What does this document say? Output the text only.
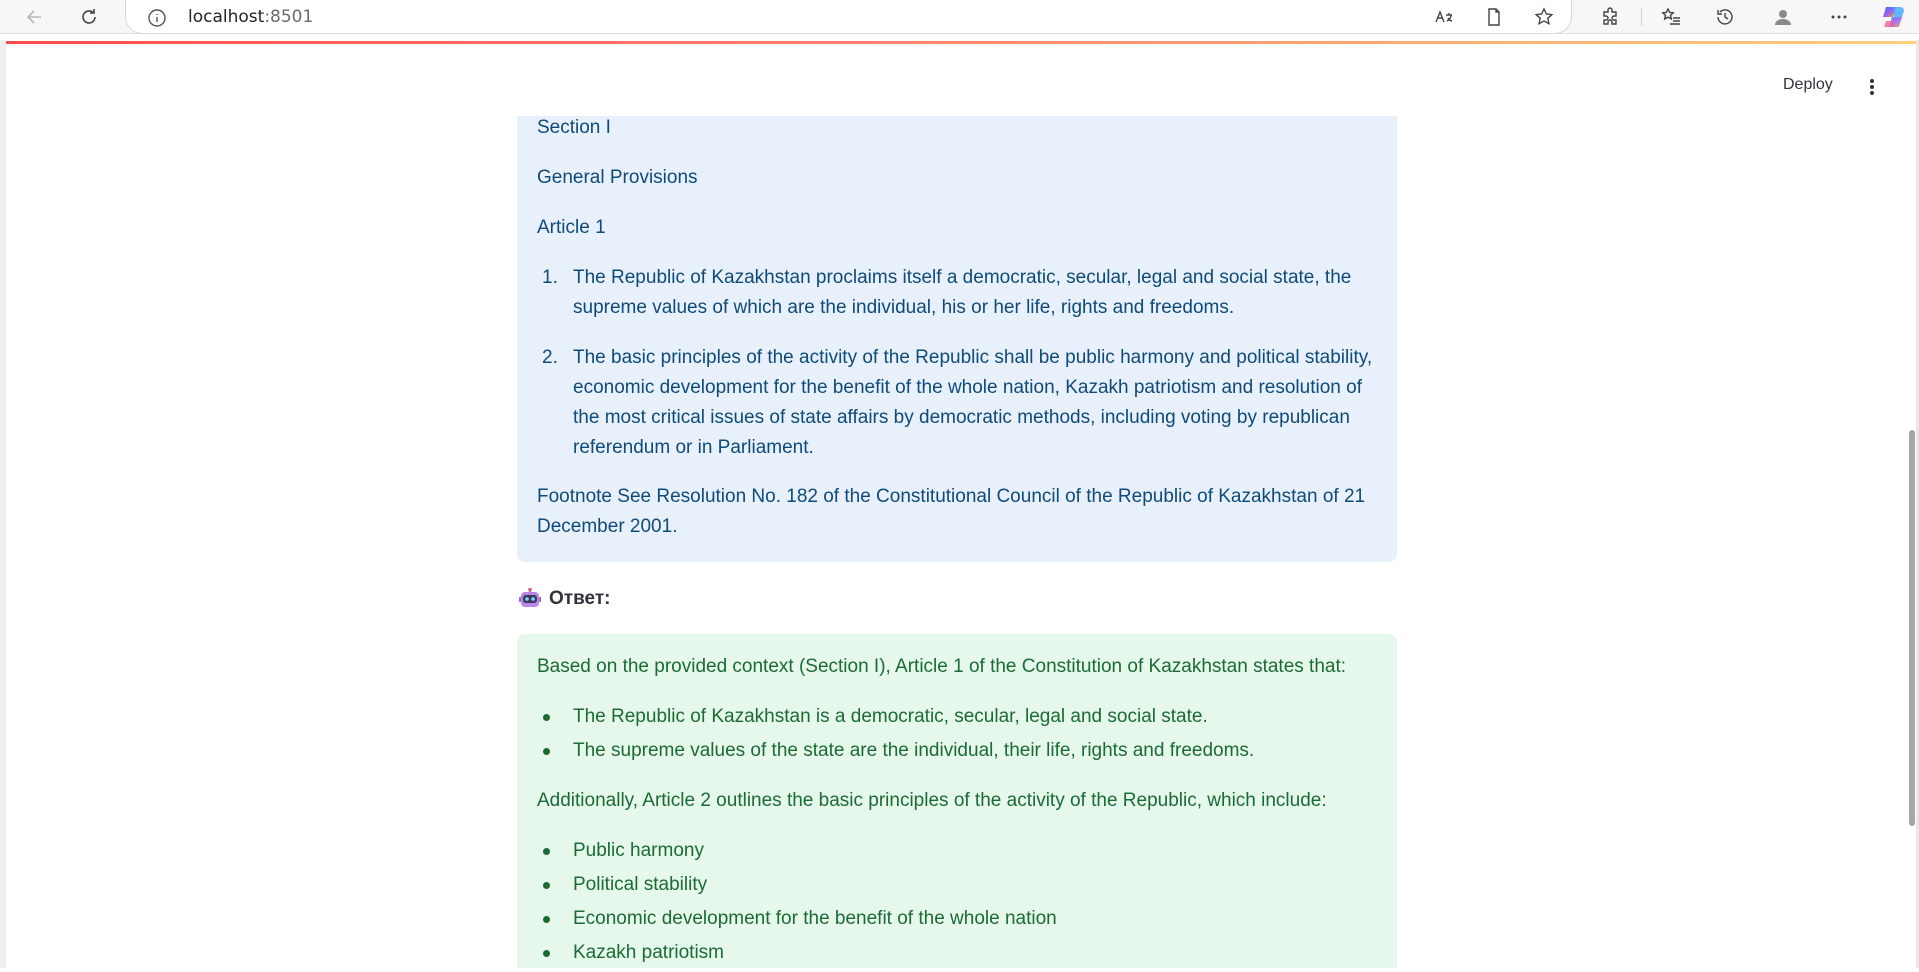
localhost:8501
Deploy

Section I

General Provisions

Article 1

1. The Republic of Kazakhstan proclaims itself a democratic, secular, legal and social state, the supreme values of which are the individual, his or her life, rights and freedoms.
2. The basic principles of the activity of the Republic shall be public harmony and political stability, economic development for the benefit of the whole nation, Kazakh patriotism and resolution of the most critical issues of state affairs by democratic methods, including voting by republican referendum or in Parliament.

Footnote See Resolution No. 182 of the Constitutional Council of the Republic of Kazakhstan of 21 December 2001.

Ответ:

Based on the provided context (Section I), Article 1 of the Constitution of Kazakhstan states that:

The Republic of Kazakhstan is a democratic, secular, legal and social state.
The supreme values of the state are the individual, their life, rights and freedoms.

Additionally, Article 2 outlines the basic principles of the activity of the Republic, which include:

Public harmony
Political stability
Economic development for the benefit of the whole nation
Kazakh patriotism
